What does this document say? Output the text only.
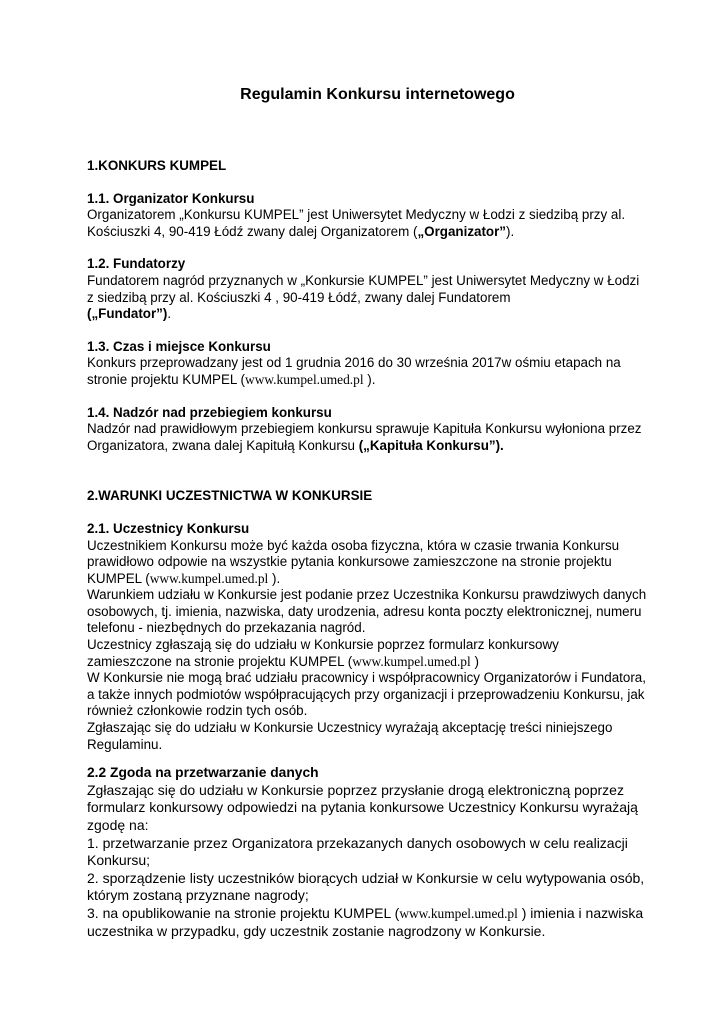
Regulamin Konkursu internetowego

1.KONKURS KUMPEL

1.1. Organizator Konkursu

Organizatorem „Konkursu KUMPEL” jest Uniwersytet Medyczny w Łodzi z siedzibą przy al. Kościuszki 4, 90-419 Łódź zwany dalej Organizatorem („Organizator”).

1.2. Fundatorzy

Fundatorem nagród przyznanych w „Konkursie KUMPEL” jest Uniwersytet Medyczny w Łodzi z siedzibą przy al. Kościuszki 4 , 90-419 Łódź, zwany dalej Fundatorem
(„Fundator”).

1.3. Czas i miejsce Konkursu

Konkurs przeprowadzany jest od 1 grudnia 2016 do 30 września 2017w ośmiu etapach na stronie projektu KUMPEL (www.kumpel.umed.pl ).

1.4. Nadzór nad przebiegiem konkursu

Nadzór nad prawidłowym przebiegiem konkursu sprawuje Kapituła Konkursu wyłoniona przez Organizatora, zwana dalej Kapitułą Konkursu („Kapituła Konkursu”).

2.WARUNKI UCZESTNICTWA W KONKURSIE

2.1. Uczestnicy Konkursu

Uczestnikiem Konkursu może być każda osoba fizyczna, która w czasie trwania Konkursu prawidłowo odpowie na wszystkie pytania konkursowe zamieszczone na stronie projektu KUMPEL (www.kumpel.umed.pl ).

Warunkiem udziału w Konkursie jest podanie przez Uczestnika Konkursu prawdziwych danych osobowych, tj. imienia, nazwiska, daty urodzenia, adresu konta poczty elektronicznej, numeru telefonu - niezbędnych do przekazania nagród.

Uczestnicy zgłaszają się do udziału w Konkursie poprzez formularz konkursowy zamieszczone na stronie projektu KUMPEL (www.kumpel.umed.pl )

W Konkursie nie mogą brać udziału pracownicy i współpracownicy Organizatorów i Fundatora, a także innych podmiotów współpracujących przy organizacji i przeprowadzeniu Konkursu, jak również członkowie rodzin tych osób.

Zgłaszając się do udziału w Konkursie Uczestnicy wyrażają akceptację treści niniejszego Regulaminu.

2.2 Zgoda na przetwarzanie danych

Zgłaszając się do udziału w Konkursie poprzez przysłanie drogą elektroniczną poprzez formularz konkursowy odpowiedzi na pytania konkursowe Uczestnicy Konkursu wyrażają zgodę na:

1. przetwarzanie przez Organizatora przekazanych danych osobowych w celu realizacji Konkursu;

2. sporządzenie listy uczestników biorących udział w Konkursie w celu wytypowania osób, którym zostaną przyznane nagrody;

3. na opublikowanie na stronie projektu KUMPEL (www.kumpel.umed.pl ) imienia i nazwiska uczestnika w przypadku, gdy uczestnik zostanie nagrodzony w Konkursie.
